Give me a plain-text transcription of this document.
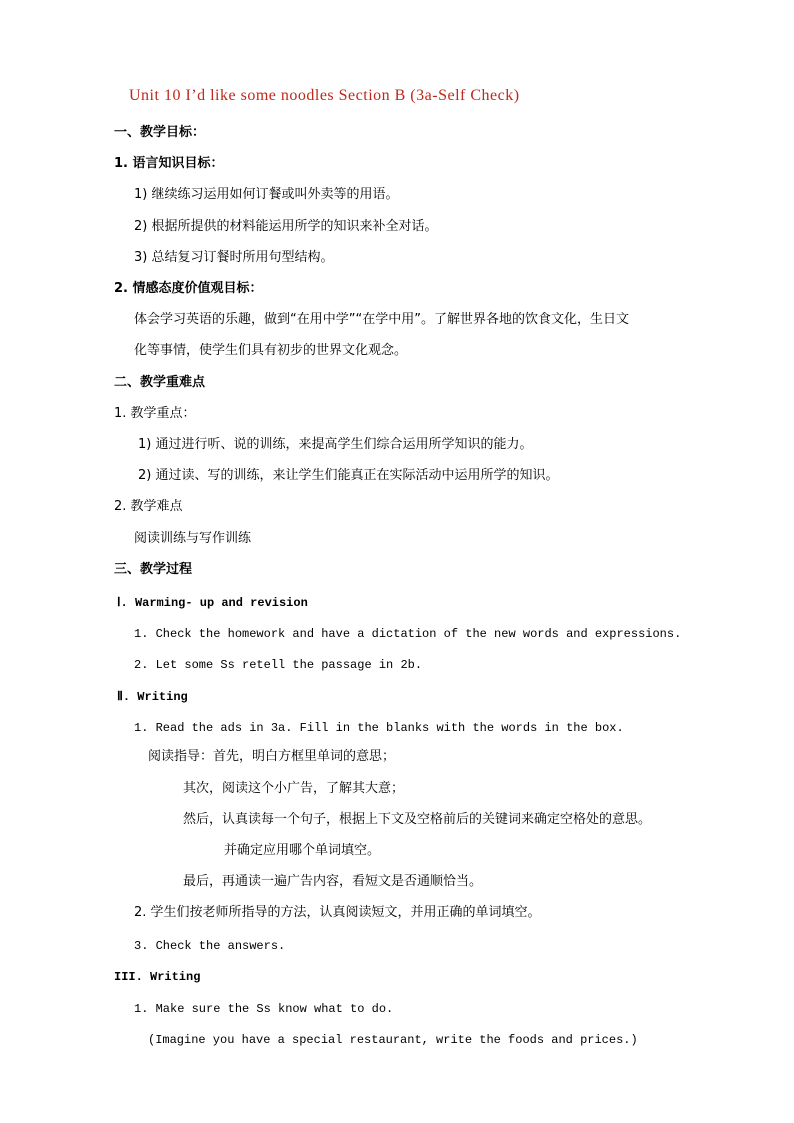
Unit 10 I’d like some noodles Section B (3a-Self Check)
一、教学目标：
1. 语言知识目标：
1) 继续练习运用如何订餐或叫外卖等的用语。
2) 根据所提供的材料能运用所学的知识来补全对话。
3) 总结复习订餐时所用句型结构。
2. 情感态度价值观目标：
体会学习英语的乐趣，做到“在用中学”“在学中用”。了解世界各地的饮食文化，生日文
化等事情，使学生们具有初步的世界文化观念。
二、教学重难点
1. 教学重点：
1) 通过进行听、说的训练，来提高学生们综合运用所学知识的能力。
2) 通过读、写的训练，来让学生们能真正在实际活动中运用所学的知识。
2. 教学难点
阅读训练与写作训练
三、教学过程
Ⅰ. Warming- up and revision
1. Check the homework and have a dictation of the new words and expressions.
2. Let some Ss retell the passage in 2b.
Ⅱ. Writing
1. Read the ads in 3a. Fill in the blanks with the words in the box.
阅读指导：首先，明白方框里单词的意思；
其次，阅读这个小广告，了解其大意；
然后，认真读每一个句子，根据上下文及空格前后的关键词来确定空格处的意思。
并确定应用哪个单词填空。
最后，再通读一遍广告内容，看短文是否通顺恰当。
2. 学生们按老师所指导的方法，认真阅读短文，并用正确的单词填空。
3. Check the answers.
III. Writing
1. Make sure the Ss know what to do.
(Imagine you have a special restaurant, write the foods and prices.)
